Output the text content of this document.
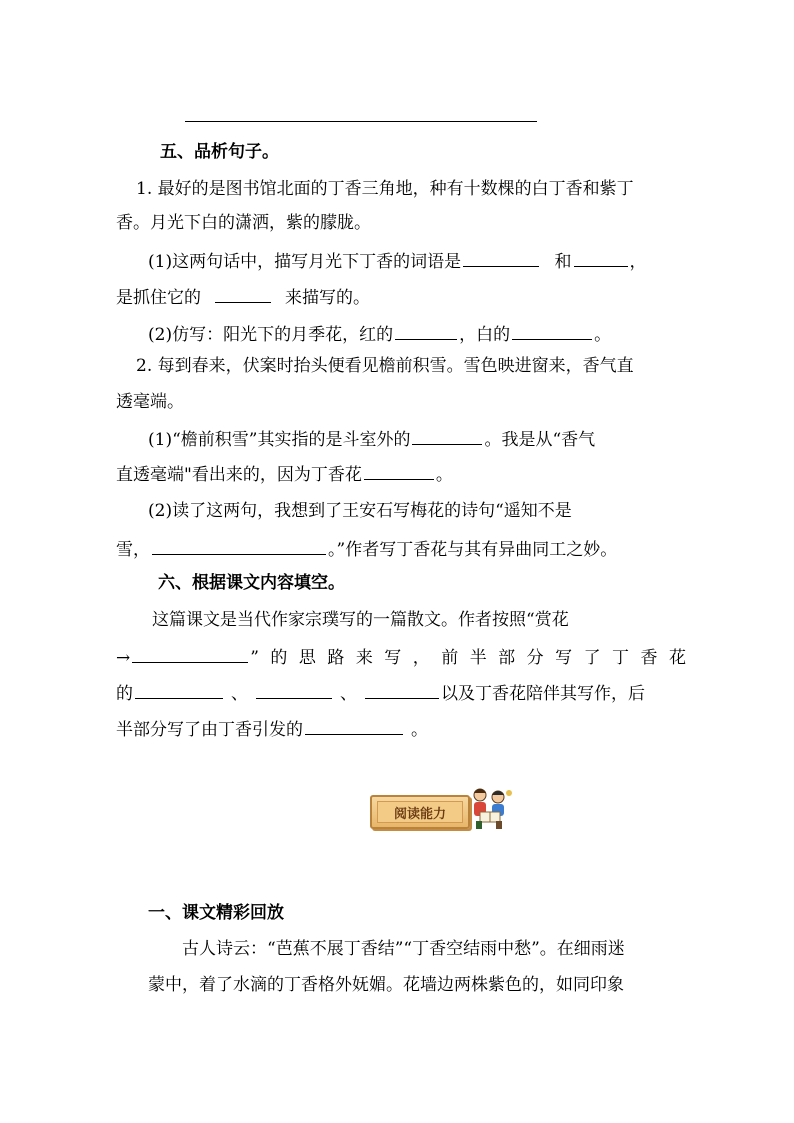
五、品析句子。
1. 最好的是图书馆北面的丁香三角地，种有十数棵的白丁香和紫丁
香。月光下白的潇洒，紫的朦胧。
(1)这两句话中，描写月光下丁香的词语是	和	，
是抓住它的	来描写的。
(2)仿写：阳光下的月季花，红的	，白的	。
2. 每到春来，伏案时抬头便看见檐前积雪。雪色映进窗来，香气直
透毫端。
(1)“檐前积雪”其实指的是斗室外的	。我是从“香气
直透毫端"看出来的，因为丁香花	。
(2)读了这两句，我想到了王安石写梅花的诗句“遥知不是
雪，	。”作者写丁香花与其有异曲同工之妙。
六、根据课文内容填空。
这篇课文是当代作家宗璞写的一篇散文。作者按照“赏花
→	”的思路来写，前半部分写了丁香花
的	、	、	以及丁香花陪伴其写作，后
半部分写了由丁香引发的	。
阅读能力
一、课文精彩回放
古人诗云：“芭蕉不展丁香结”“丁香空结雨中愁”。在细雨迷
蒙中，着了水滴的丁香格外妩媚。花墙边两株紫色的，如同印象
